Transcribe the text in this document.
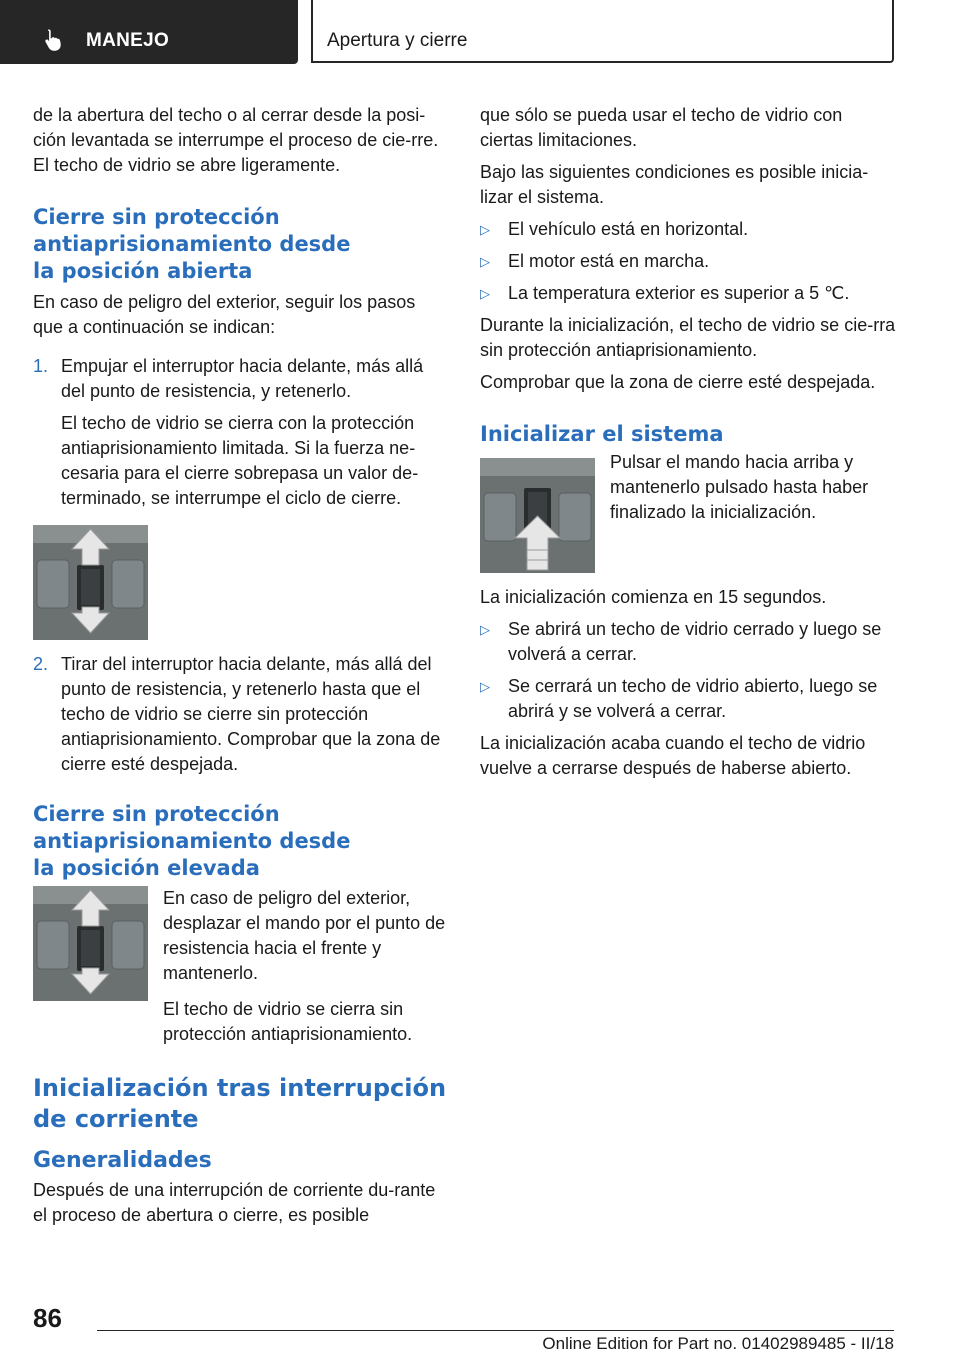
MANEJO	Apertura y cierre

de la abertura del techo o al cerrar desde la posi‐ción levantada se interrumpe el proceso de cie‐rre. El techo de vidrio se abre ligeramente.

Cierre sin protección antiaprisionamiento desde la posición abierta

En caso de peligro del exterior, seguir los pasos que a continuación se indican:

1. Empujar el interruptor hacia delante, más allá del punto de resistencia, y retenerlo.

El techo de vidrio se cierra con la protección antiaprisionamiento limitada. Si la fuerza ne‐cesaria para el cierre sobrepasa un valor de‐terminado, se interrumpe el ciclo de cierre.

2. Tirar del interruptor hacia delante, más allá del punto de resistencia, y retenerlo hasta que el techo de vidrio se cierre sin protección antiaprisionamiento. Comprobar que la zona de cierre esté despejada.

Cierre sin protección antiaprisionamiento desde la posición elevada

En caso de peligro del exterior, desplazar el mando por el punto de resistencia hacia el frente y mantenerlo.

El techo de vidrio se cierra sin protección antiaprisionamiento.

Inicialización tras interrupción de corriente
Generalidades

Después de una interrupción de corriente du‐rante el proceso de abertura o cierre, es posible

que sólo se pueda usar el techo de vidrio con ciertas limitaciones.

Bajo las siguientes condiciones es posible inicia‐lizar el sistema.

▷	El vehículo está en horizontal.
▷	El motor está en marcha.
▷	La temperatura exterior es superior a 5 ℃.

Durante la inicialización, el techo de vidrio se cie‐rra sin protección antiaprisionamiento.

Comprobar que la zona de cierre esté despejada.

Inicializar el sistema

Pulsar el mando hacia arriba y mantenerlo pulsado hasta haber finalizado la inicialización.

La inicialización comienza en 15 segundos.

▷	Se abrirá un techo de vidrio cerrado y luego se volverá a cerrar.
▷	Se cerrará un techo de vidrio abierto, luego se abrirá y se volverá a cerrar.

La inicialización acaba cuando el techo de vidrio vuelve a cerrarse después de haberse abierto.

86
Online Edition for Part no. 01402989485 - II/18
